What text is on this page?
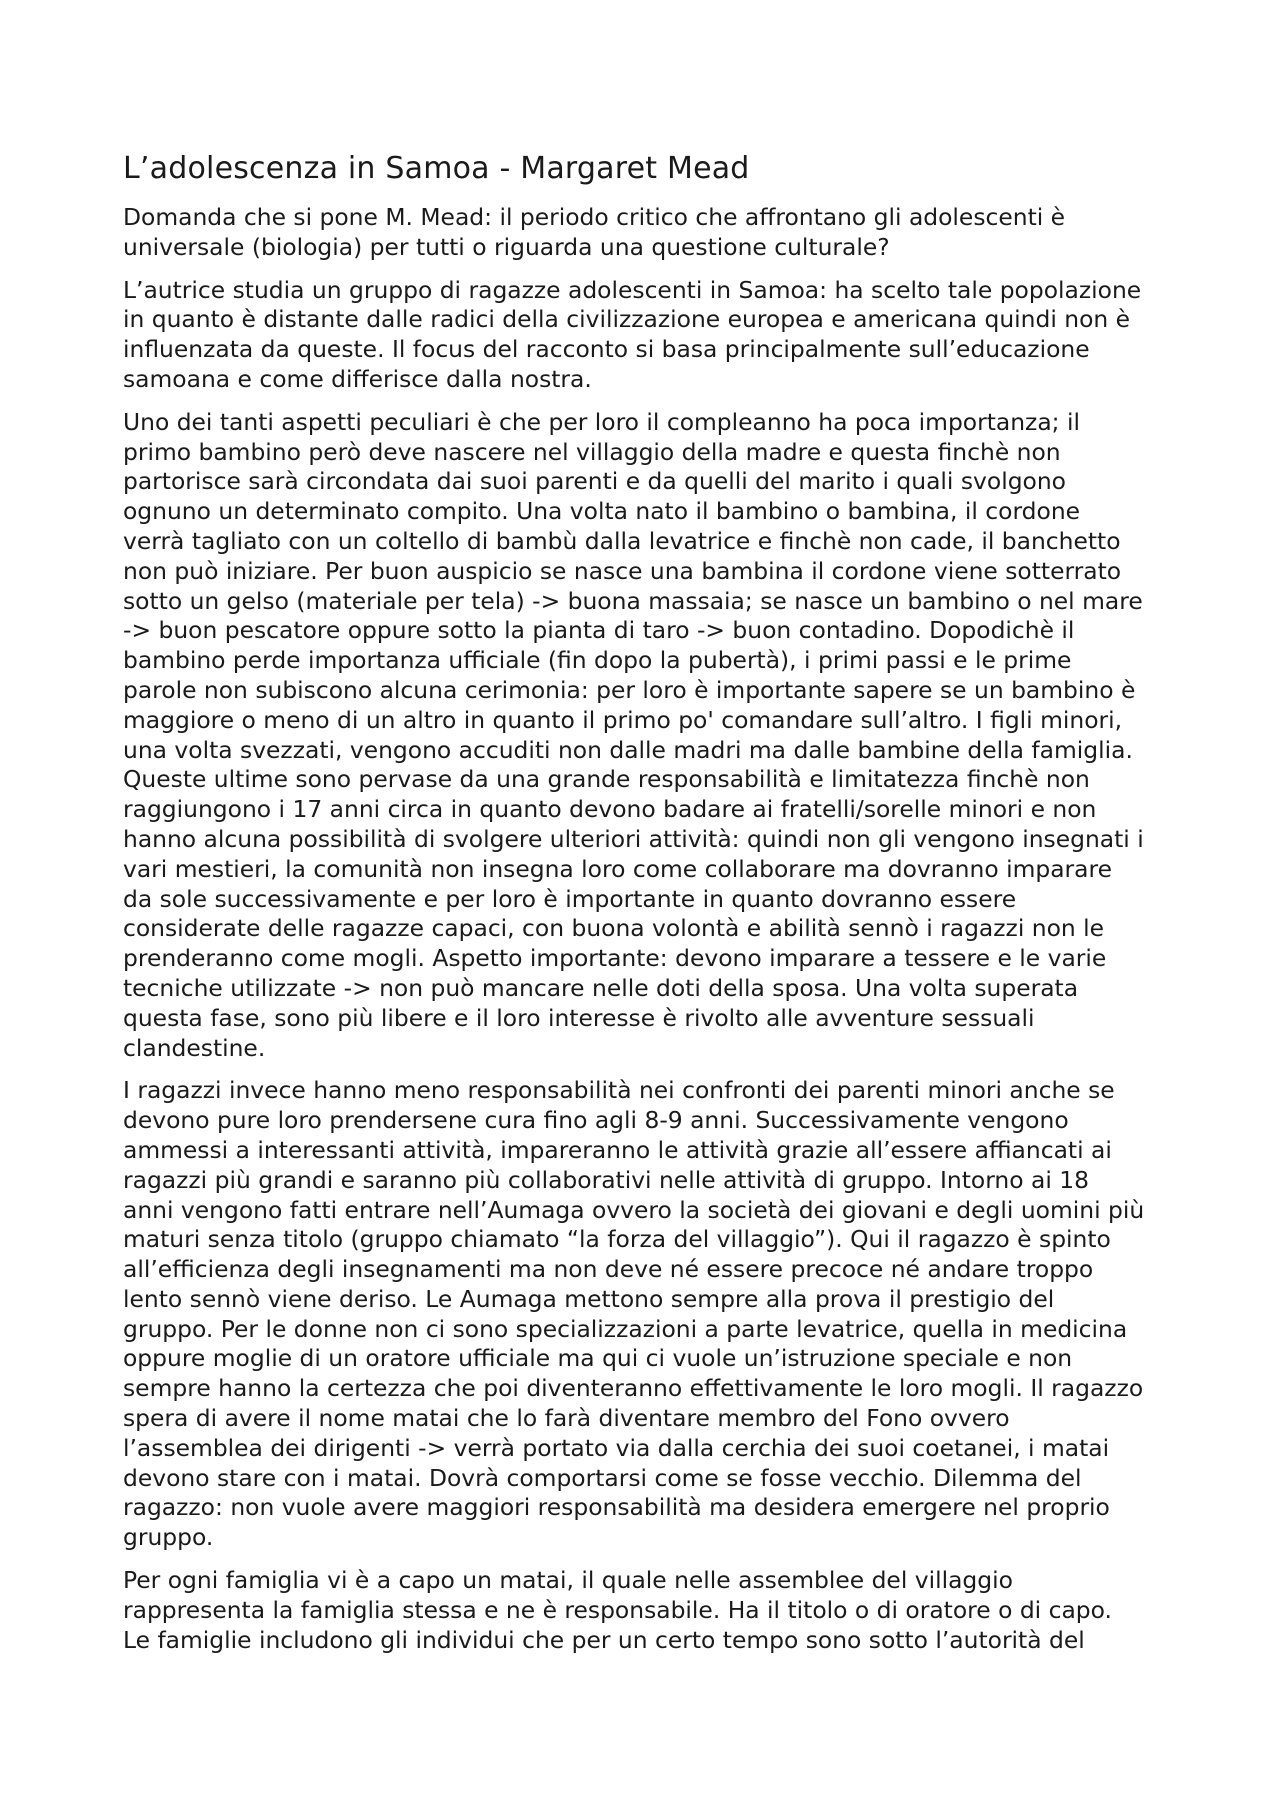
L’adolescenza in Samoa - Margaret Mead

Domanda che si pone M. Mead: il periodo critico che affrontano gli adolescenti è
universale (biologia) per tutti o riguarda una questione culturale?

L’autrice studia un gruppo di ragazze adolescenti in Samoa: ha scelto tale popolazione
in quanto è distante dalle radici della civilizzazione europea e americana quindi non è
influenzata da queste. Il focus del racconto si basa principalmente sull’educazione
samoana e come differisce dalla nostra.

Uno dei tanti aspetti peculiari è che per loro il compleanno ha poca importanza; il
primo bambino però deve nascere nel villaggio della madre e questa finchè non
partorisce sarà circondata dai suoi parenti e da quelli del marito i quali svolgono
ognuno un determinato compito. Una volta nato il bambino o bambina, il cordone
verrà tagliato con un coltello di bambù dalla levatrice e finchè non cade, il banchetto
non può iniziare. Per buon auspicio se nasce una bambina il cordone viene sotterrato
sotto un gelso (materiale per tela) -> buona massaia; se nasce un bambino o nel mare
-> buon pescatore oppure sotto la pianta di taro -> buon contadino. Dopodichè il
bambino perde importanza ufficiale (fin dopo la pubertà), i primi passi e le prime
parole non subiscono alcuna cerimonia: per loro è importante sapere se un bambino è
maggiore o meno di un altro in quanto il primo po' comandare sull’altro. I figli minori,
una volta svezzati, vengono accuditi non dalle madri ma dalle bambine della famiglia.
Queste ultime sono pervase da una grande responsabilità e limitatezza finchè non
raggiungono i 17 anni circa in quanto devono badare ai fratelli/sorelle minori e non
hanno alcuna possibilità di svolgere ulteriori attività: quindi non gli vengono insegnati i
vari mestieri, la comunità non insegna loro come collaborare ma dovranno imparare
da sole successivamente e per loro è importante in quanto dovranno essere
considerate delle ragazze capaci, con buona volontà e abilità sennò i ragazzi non le
prenderanno come mogli. Aspetto importante: devono imparare a tessere e le varie
tecniche utilizzate -> non può mancare nelle doti della sposa. Una volta superata
questa fase, sono più libere e il loro interesse è rivolto alle avventure sessuali
clandestine.

I ragazzi invece hanno meno responsabilità nei confronti dei parenti minori anche se
devono pure loro prendersene cura fino agli 8-9 anni. Successivamente vengono
ammessi a interessanti attività, impareranno le attività grazie all’essere affiancati ai
ragazzi più grandi e saranno più collaborativi nelle attività di gruppo. Intorno ai 18
anni vengono fatti entrare nell’Aumaga ovvero la società dei giovani e degli uomini più
maturi senza titolo (gruppo chiamato “la forza del villaggio”). Qui il ragazzo è spinto
all’efficienza degli insegnamenti ma non deve né essere precoce né andare troppo
lento sennò viene deriso. Le Aumaga mettono sempre alla prova il prestigio del
gruppo. Per le donne non ci sono specializzazioni a parte levatrice, quella in medicina
oppure moglie di un oratore ufficiale ma qui ci vuole un’istruzione speciale e non
sempre hanno la certezza che poi diventeranno effettivamente le loro mogli. Il ragazzo
spera di avere il nome matai che lo farà diventare membro del Fono ovvero
l’assemblea dei dirigenti -> verrà portato via dalla cerchia dei suoi coetanei, i matai
devono stare con i matai. Dovrà comportarsi come se fosse vecchio. Dilemma del
ragazzo: non vuole avere maggiori responsabilità ma desidera emergere nel proprio
gruppo.

Per ogni famiglia vi è a capo un matai, il quale nelle assemblee del villaggio
rappresenta la famiglia stessa e ne è responsabile. Ha il titolo o di oratore o di capo.
Le famiglie includono gli individui che per un certo tempo sono sotto l’autorità del
